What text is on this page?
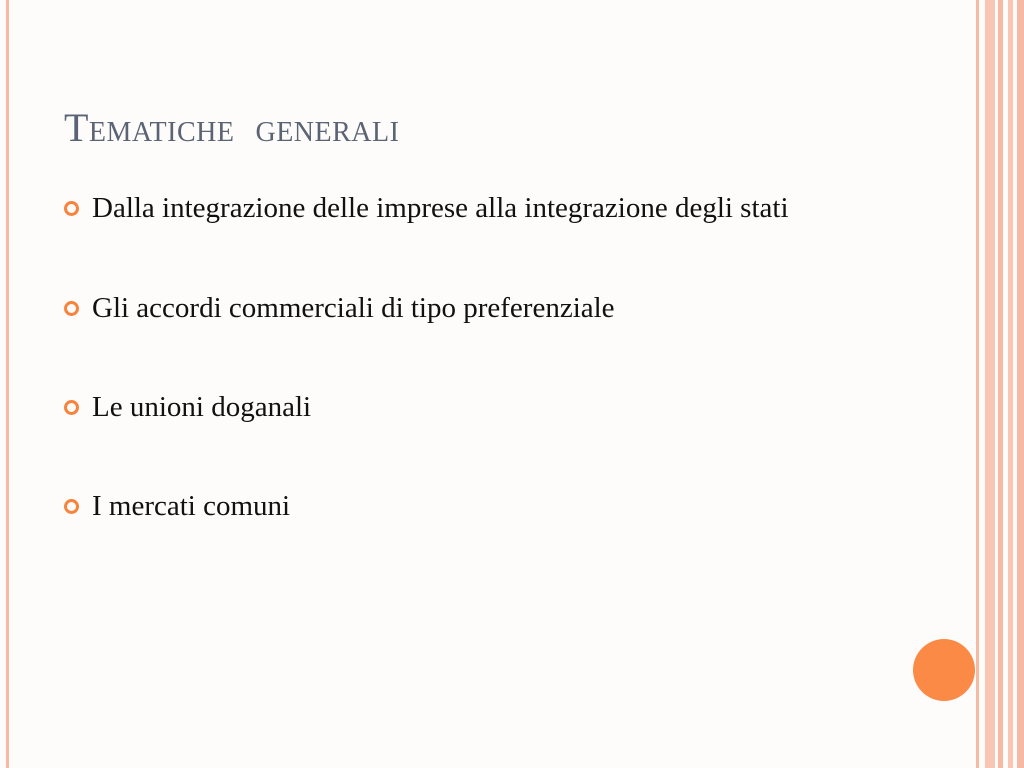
Tematiche  generali
Dalla integrazione delle imprese alla integrazione degli stati
Gli accordi commerciali di tipo preferenziale
Le unioni doganali
I mercati comuni
